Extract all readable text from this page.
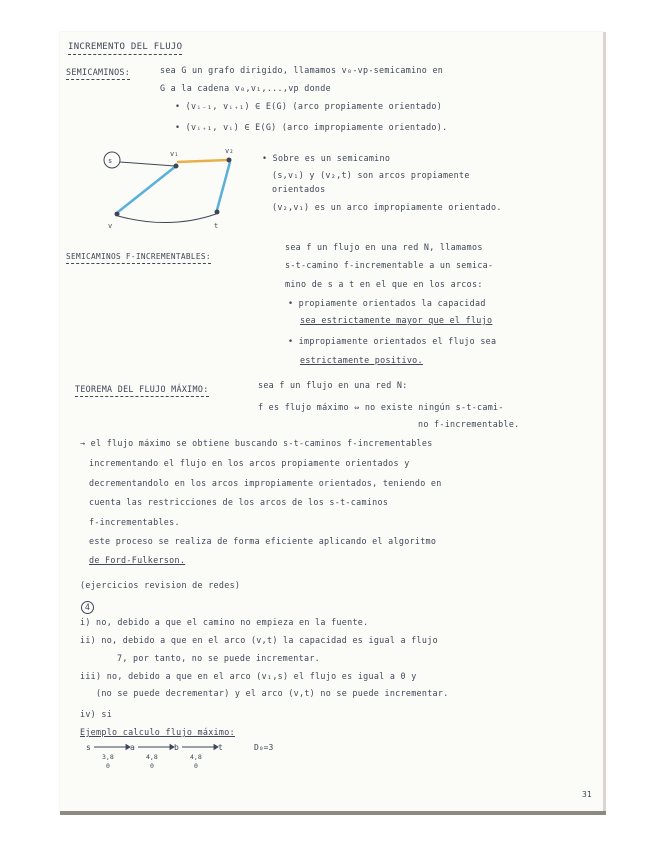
INCREMENTO DEL FLUJO
SEMICAMINOS:	sea G un grafo dirigido, llamamos v₀-vp-semicamino en
G a la cadena v₀,v₁,...,vp donde
• (vᵢ₋₁, vᵢ₊₁) ∈ E(G) (arco propiamente orientado)
• (vᵢ₊₁, vᵢ) ∈ E(G) (arco impropiamente orientado).
s
v₁	v₂
v	t
• Sobre es un semicamino
(s,v₁) y (v₂,t) son arcos propiamente
orientados
(v₂,v₁) es un arco impropiamente orientado.
SEMICAMINOS F-INCREMENTABLES:
sea f un flujo en una red N, llamamos
s-t-camino f-incrementable a un semica-
mino de s a t en el que en los arcos:
• propiamente orientados la capacidad
sea estrictamente mayor que el flujo
• impropiamente orientados el flujo sea
estrictamente positivo.
TEOREMA DEL FLUJO MÁXIMO:	sea f un flujo en una red N:
f es flujo máximo ⇔ no existe ningún s-t-cami-
no f-incrementable.
→ el flujo máximo se obtiene buscando s-t-caminos f-incrementables
incrementando el flujo en los arcos propiamente orientados y
decrementandolo en los arcos impropiamente orientados, teniendo en
cuenta las restricciones de los arcos de los s-t-caminos
f-incrementables.
este proceso se realiza de forma eficiente aplicando el algoritmo
de Ford-Fulkerson.
(ejercicios revision de redes)
4
i) no, debido a que el camino no empieza en la fuente.
ii) no, debido a que en el arco (v,t) la capacidad es igual a flujo
7, por tanto, no se puede incrementar.
iii) no, debido a que en el arco (v₁,s) el flujo es igual a 0 y
(no se puede decrementar) y el arco (v,t) no se puede incrementar.
iv) si
Ejemplo calculo flujo máximo:
s	a	b	t
3,8	4,8	4,8
0	0	0
D₀=3
31
